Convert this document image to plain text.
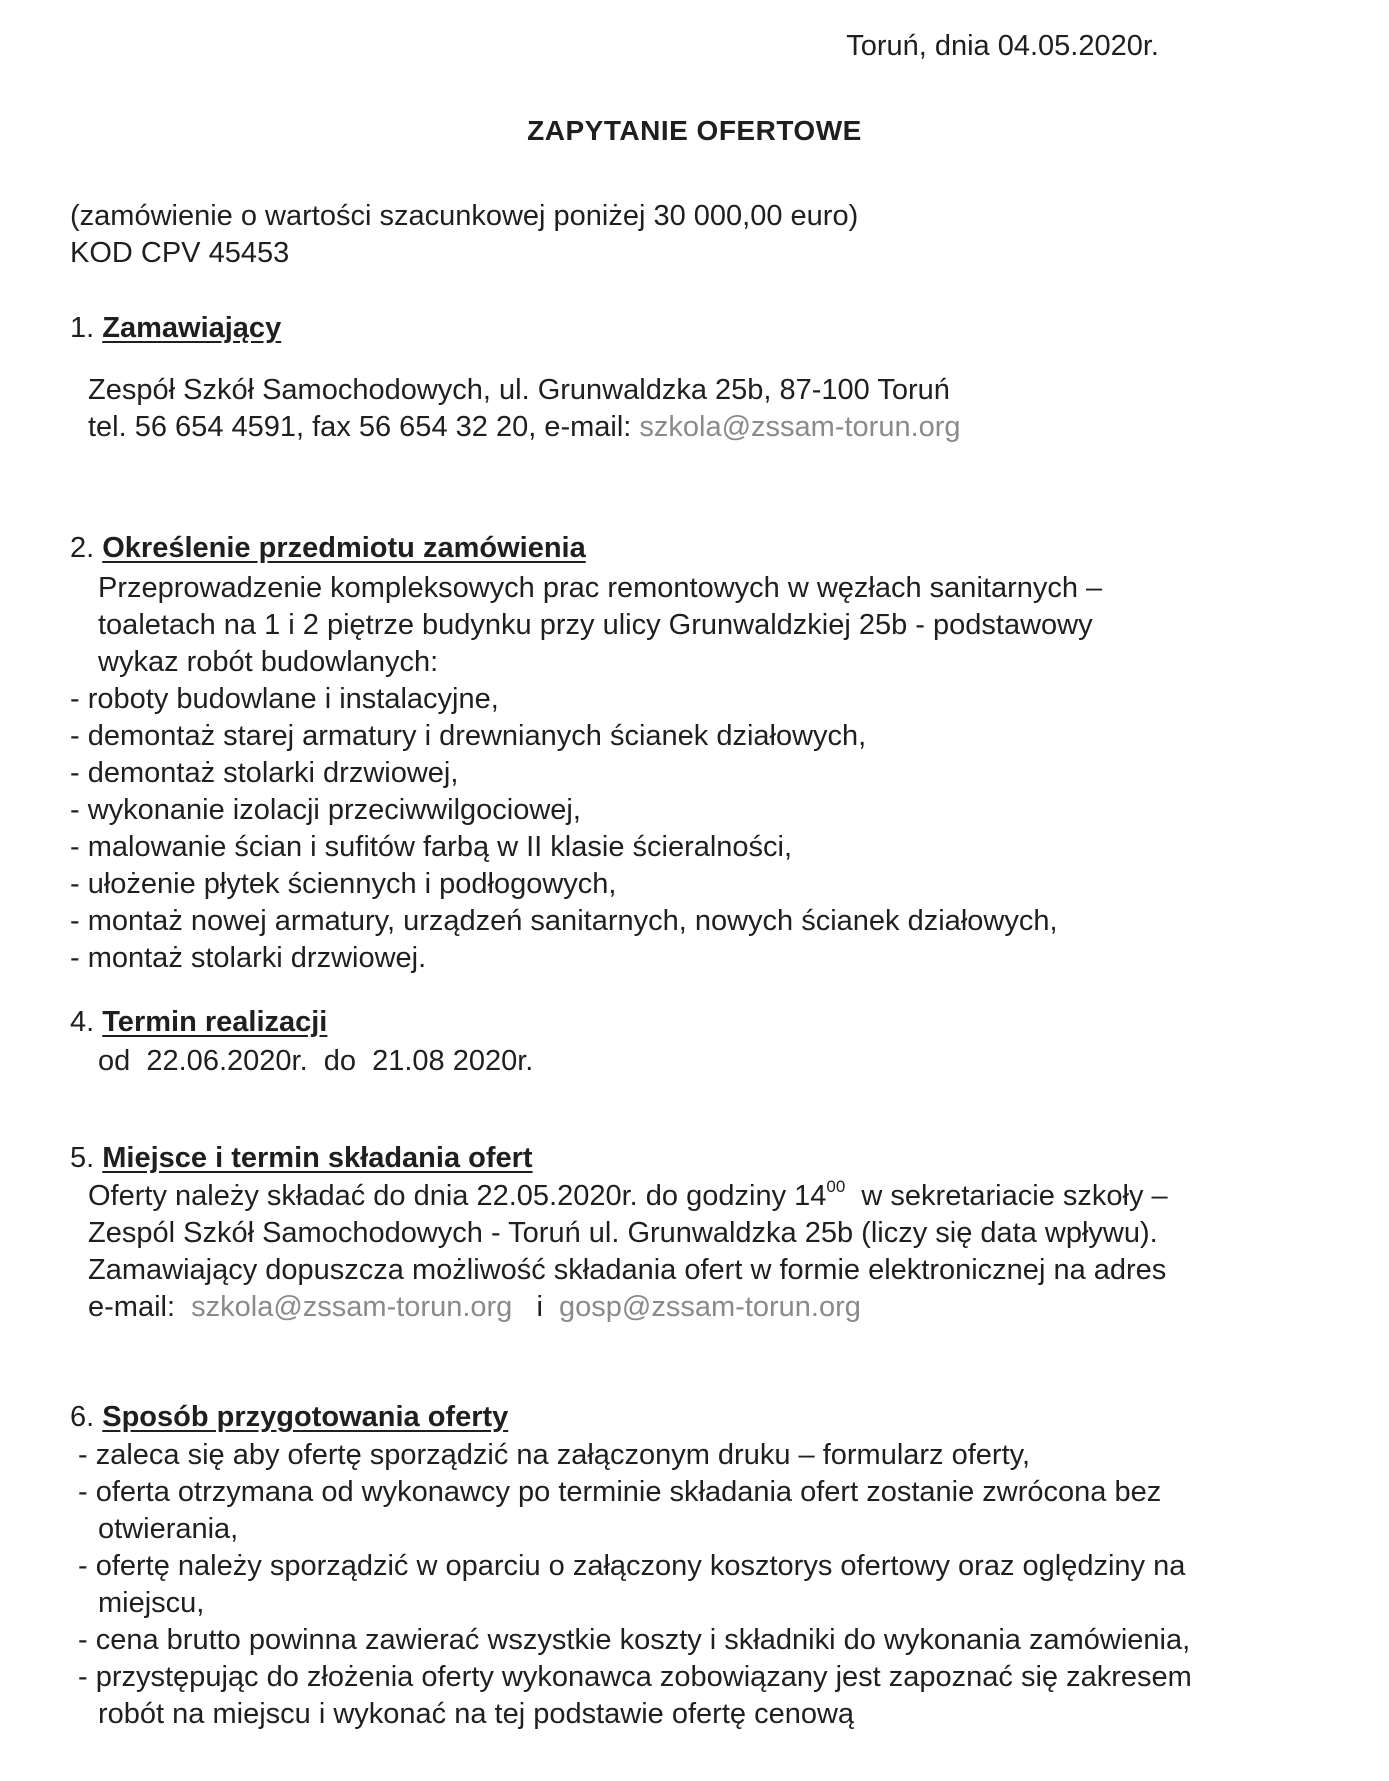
Toruń, dnia 04.05.2020r.
ZAPYTANIE OFERTOWE
(zamówienie o wartości szacunkowej poniżej 30 000,00 euro)
KOD CPV 45453
1. Zamawiający
Zespół Szkół Samochodowych, ul. Grunwaldzka 25b, 87-100 Toruń
tel. 56 654 4591, fax 56 654 32 20, e-mail: szkola@zssam-torun.org
2. Określenie przedmiotu zamówienia
Przeprowadzenie kompleksowych prac remontowych w węzłach sanitarnych –
toaletach na 1 i 2 piętrze budynku przy ulicy Grunwaldzkiej 25b - podstawowy
wykaz robót budowlanych:
- roboty budowlane i instalacyjne,
- demontaż starej armatury i drewnianych ścianek działowych,
- demontaż stolarki drzwiowej,
- wykonanie izolacji przeciwwilgociowej,
- malowanie ścian i sufitów farbą w II klasie ścieralności,
- ułożenie płytek ściennych i podłogowych,
- montaż nowej armatury, urządzeń sanitarnych, nowych ścianek działowych,
- montaż stolarki drzwiowej.
4. Termin realizacji
od  22.06.2020r.  do  21.08 2020r.
5. Miejsce i termin składania ofert
Oferty należy składać do dnia 22.05.2020r. do godziny $14^{00}$  w sekretariacie szkoły –
Zespól Szkół Samochodowych - Toruń ul. Grunwaldzka 25b (liczy się data wpływu).
Zamawiający dopuszcza możliwość składania ofert w formie elektronicznej na adres
e-mail: szkola@zssam-torun.org i gosp@zssam-torun.org
6. Sposób przygotowania oferty
- zaleca się aby ofertę sporządzić na załączonym druku – formularz oferty,
- oferta otrzymana od wykonawcy po terminie składania ofert zostanie zwrócona bez
otwierania,
- ofertę należy sporządzić w oparciu o załączony kosztorys ofertowy oraz oględziny na
miejscu,
- cena brutto powinna zawierać wszystkie koszty i składniki do wykonania zamówienia,
- przystępując do złożenia oferty wykonawca zobowiązany jest zapoznać się zakresem
robót na miejscu i wykonać na tej podstawie ofertę cenową
